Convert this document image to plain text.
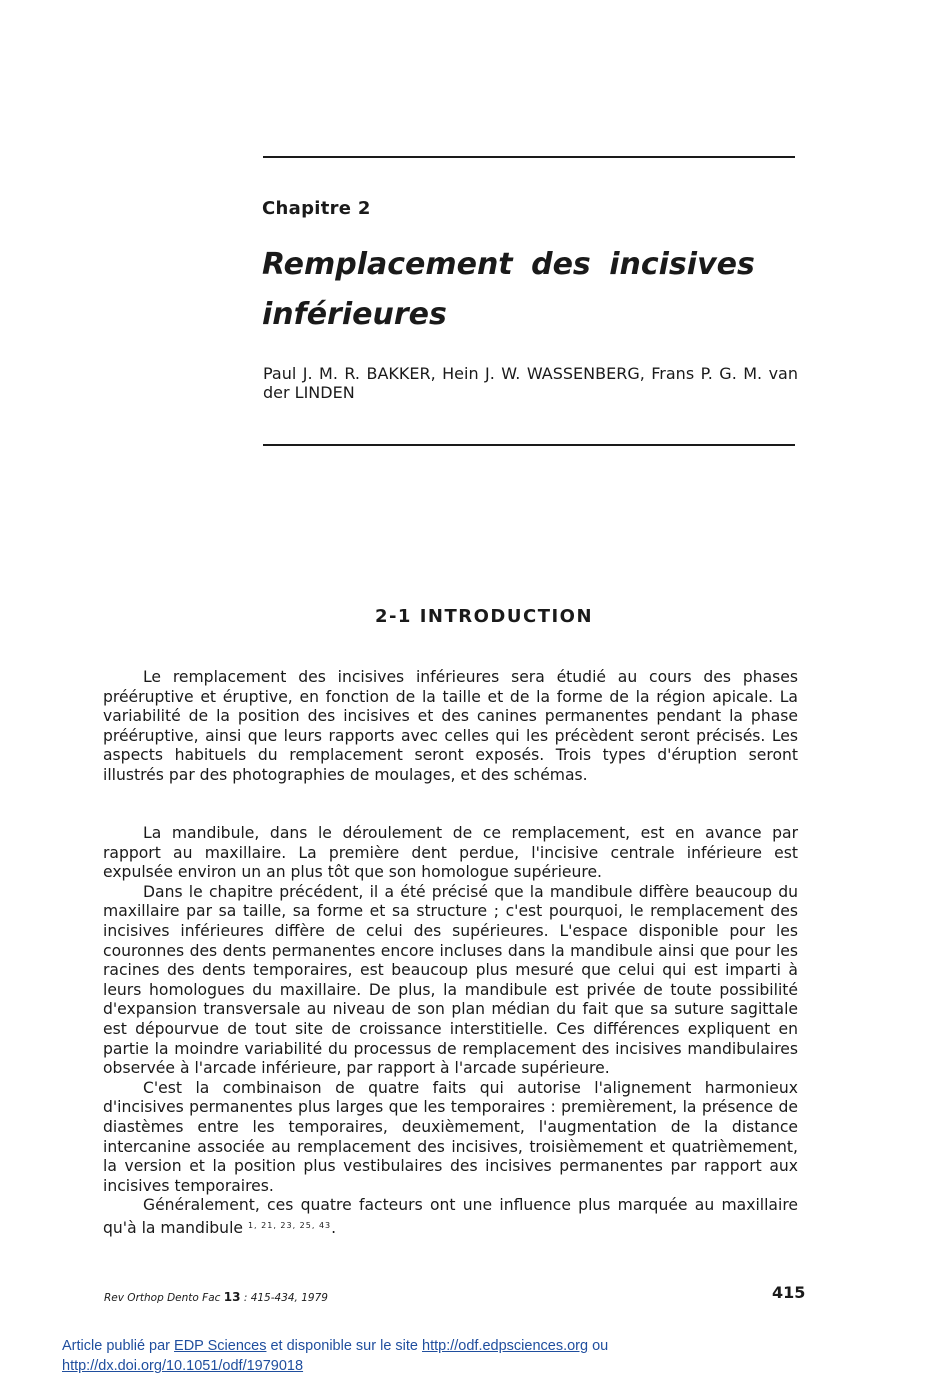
Chapitre 2
Remplacement des incisives
inférieures
Paul J. M. R. BAKKER, Hein J. W. WASSENBERG, Frans P. G. M. van der LINDEN
2-1 INTRODUCTION

Le remplacement des incisives inférieures sera étudié au cours des phases prééruptive et éruptive, en fonction de la taille et de la forme de la région apicale. La variabilité de la position des incisives et des canines permanentes pendant la phase prééruptive, ainsi que leurs rapports avec celles qui les précèdent seront précisés. Les aspects habituels du remplacement seront exposés. Trois types d'éruption seront illustrés par des photographies de moulages, et des schémas.

La mandibule, dans le déroulement de ce remplacement, est en avance par rapport au maxillaire. La première dent perdue, l'incisive centrale inférieure est expulsée environ un an plus tôt que son homologue supérieure.

Dans le chapitre précédent, il a été précisé que la mandibule diffère beaucoup du maxillaire par sa taille, sa forme et sa structure ; c'est pourquoi, le remplacement des incisives inférieures diffère de celui des supérieures. L'espace disponible pour les couronnes des dents permanentes encore incluses dans la mandibule ainsi que pour les racines des dents temporaires, est beaucoup plus mesuré que celui qui est imparti à leurs homologues du maxillaire. De plus, la mandibule est privée de toute possibilité d'expansion transversale au niveau de son plan médian du fait que sa suture sagittale est dépourvue de tout site de croissance interstitielle. Ces différences expliquent en partie la moindre variabilité du processus de remplacement des incisives mandibulaires observée à l'arcade inférieure, par rapport à l'arcade supérieure.

C'est la combinaison de quatre faits qui autorise l'alignement harmonieux d'incisives permanentes plus larges que les temporaires : premièrement, la présence de diastèmes entre les temporaires, deuxièmement, l'augmentation de la distance intercanine associée au remplacement des incisives, troisièmement et quatrièmement, la version et la position plus vestibulaires des incisives permanentes par rapport aux incisives temporaires.

Généralement, ces quatre facteurs ont une influence plus marquée au maxillaire qu'à la mandibule $^{1, 21, 23, 25, 43}$.

Rev Orthop Dento Fac 13 : 415-434, 1979	415
Article publié par EDP Sciences et disponible sur le site http://odf.edpsciences.org ou
http://dx.doi.org/10.1051/odf/1979018
